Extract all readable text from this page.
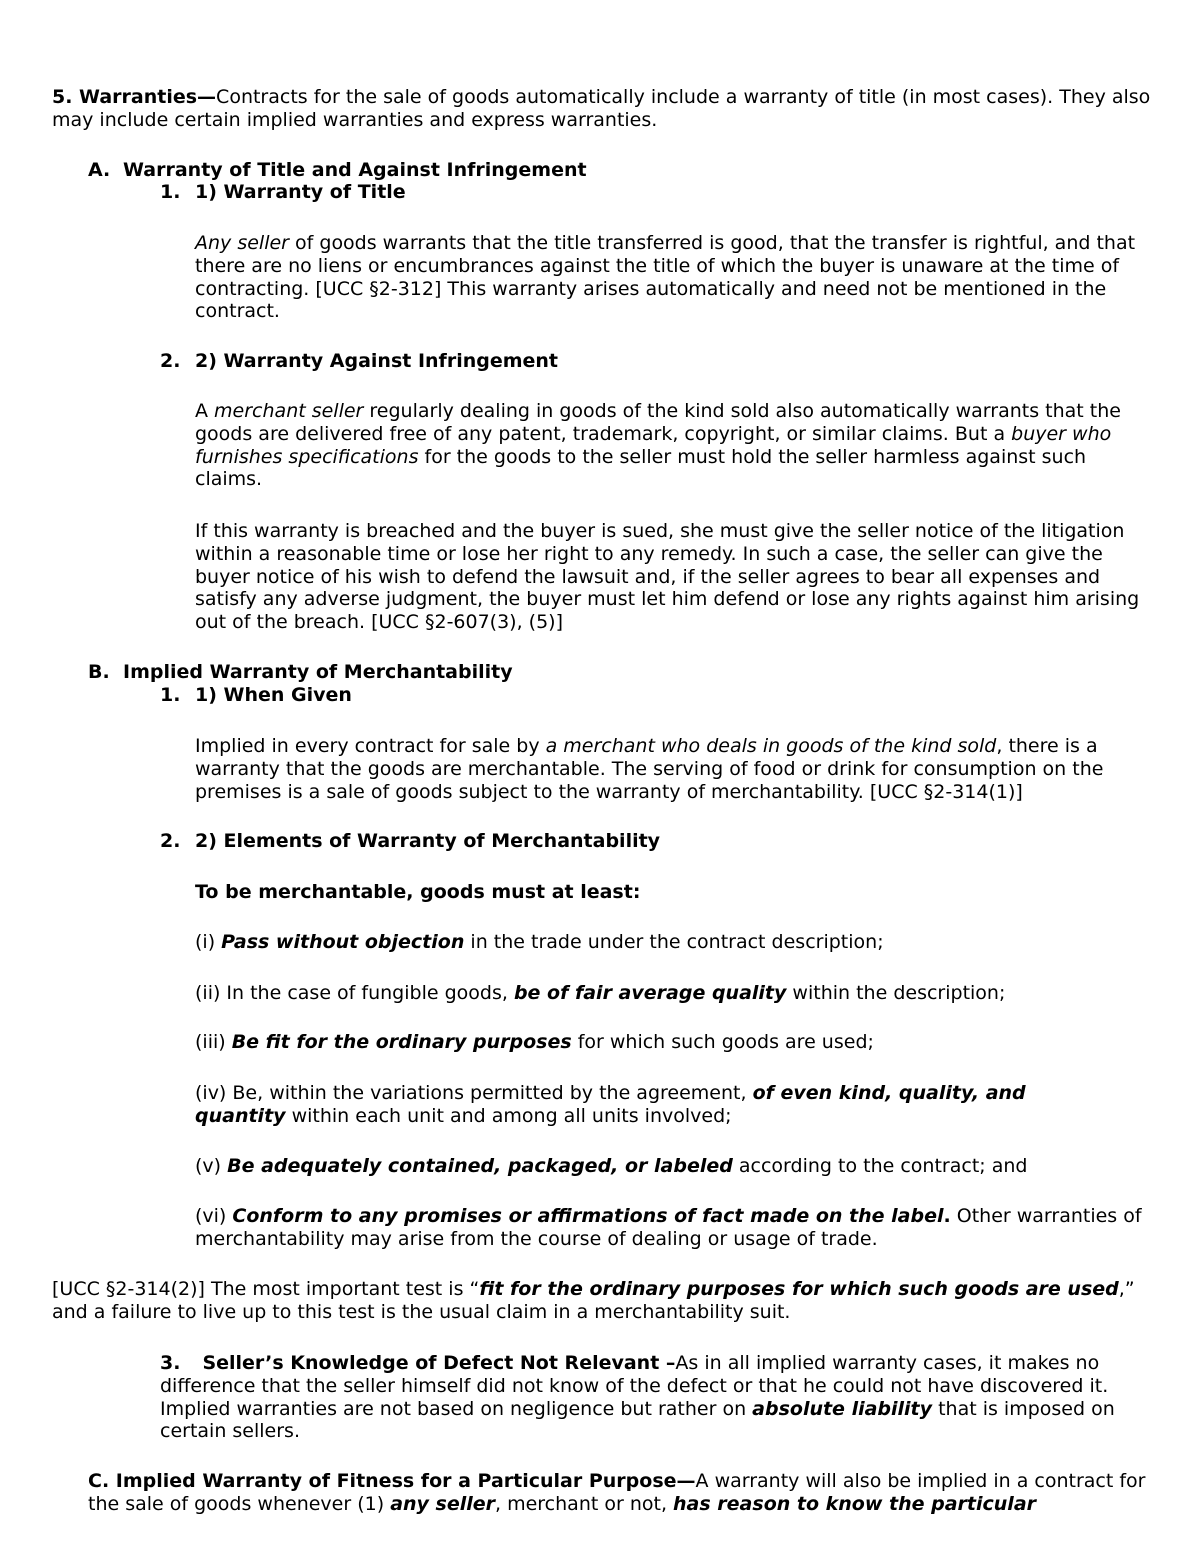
5. Warranties—Contracts for the sale of goods automatically include a warranty of title (in most cases). They also may include certain implied warranties and express warranties.

A. Warranty of Title and Against Infringement
1. 1) Warranty of Title

Any seller of goods warrants that the title transferred is good, that the transfer is rightful, and that there are no liens or encumbrances against the title of which the buyer is unaware at the time of contracting. [UCC §2-312] This warranty arises automatically and need not be mentioned in the contract.

2. 2) Warranty Against Infringement

A merchant seller regularly dealing in goods of the kind sold also automatically warrants that the goods are delivered free of any patent, trademark, copyright, or similar claims. But a buyer who furnishes specifications for the goods to the seller must hold the seller harmless against such claims.

If this warranty is breached and the buyer is sued, she must give the seller notice of the litigation within a reasonable time or lose her right to any remedy. In such a case, the seller can give the buyer notice of his wish to defend the lawsuit and, if the seller agrees to bear all expenses and satisfy any adverse judgment, the buyer must let him defend or lose any rights against him arising out of the breach. [UCC §2-607(3), (5)]

B. Implied Warranty of Merchantability
1. 1) When Given

Implied in every contract for sale by a merchant who deals in goods of the kind sold, there is a warranty that the goods are merchantable. The serving of food or drink for consumption on the premises is a sale of goods subject to the warranty of merchantability. [UCC §2-314(1)]

2. 2) Elements of Warranty of Merchantability

To be merchantable, goods must at least:

(i) Pass without objection in the trade under the contract description;

(ii) In the case of fungible goods, be of fair average quality within the description;

(iii) Be fit for the ordinary purposes for which such goods are used;

(iv) Be, within the variations permitted by the agreement, of even kind, quality, and quantity within each unit and among all units involved;

(v) Be adequately contained, packaged, or labeled according to the contract; and

(vi) Conform to any promises or affirmations of fact made on the label. Other warranties of merchantability may arise from the course of dealing or usage of trade.

[UCC §2-314(2)] The most important test is “fit for the ordinary purposes for which such goods are used,” and a failure to live up to this test is the usual claim in a merchantability suit.

3. Seller’s Knowledge of Defect Not Relevant –As in all implied warranty cases, it makes no difference that the seller himself did not know of the defect or that he could not have discovered it. Implied warranties are not based on negligence but rather on absolute liability that is imposed on certain sellers.

C. Implied Warranty of Fitness for a Particular Purpose—A warranty will also be implied in a contract for the sale of goods whenever (1) any seller, merchant or not, has reason to know the particular
